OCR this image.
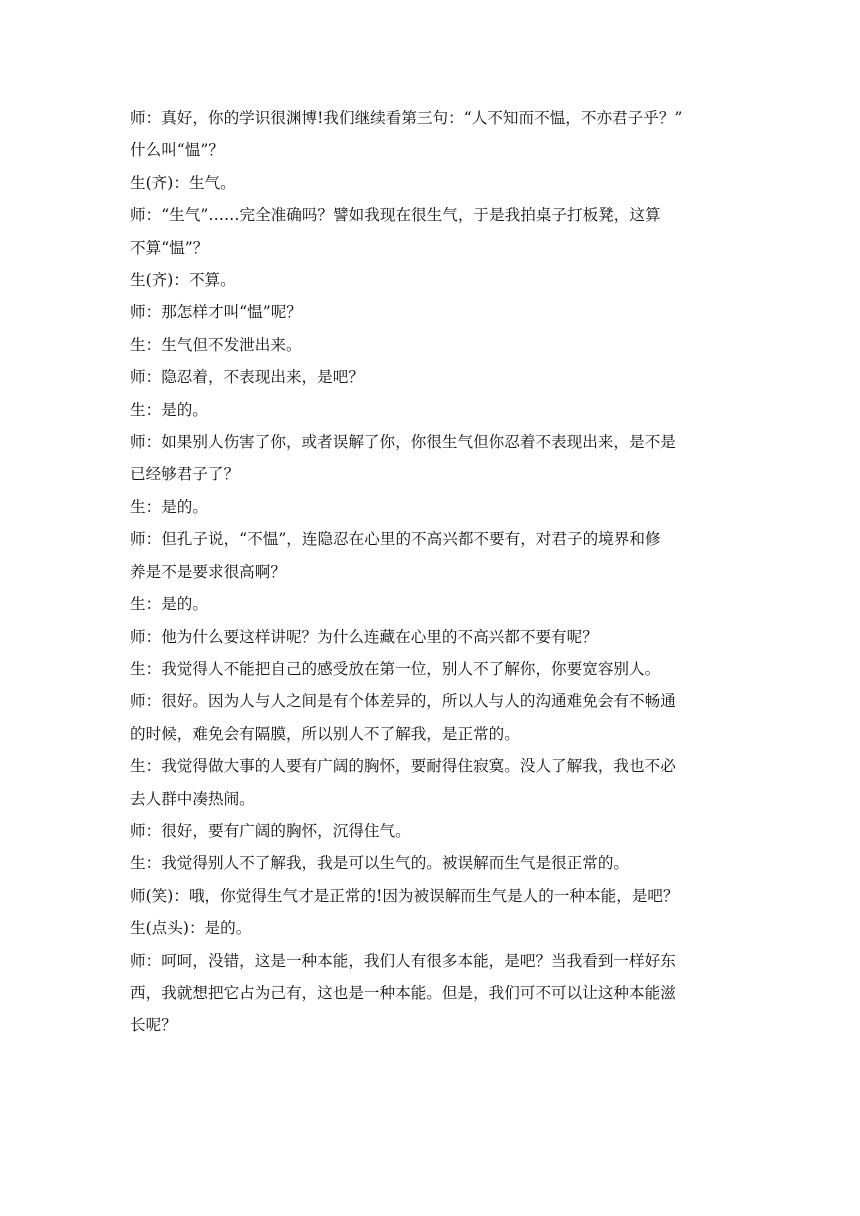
师：真好，你的学识很渊博!我们继续看第三句：“人不知而不愠，不亦君子乎？”
什么叫“愠”？
生(齐)：生气。
师：“生气”……完全准确吗？譬如我现在很生气，于是我拍桌子打板凳，这算
不算“愠”？
生(齐)：不算。
师：那怎样才叫“愠”呢？
生：生气但不发泄出来。
师：隐忍着，不表现出来，是吧？
生：是的。
师：如果别人伤害了你，或者误解了你，你很生气但你忍着不表现出来，是不是
已经够君子了？
生：是的。
师：但孔子说，“不愠”，连隐忍在心里的不高兴都不要有，对君子的境界和修
养是不是要求很高啊？
生：是的。
师：他为什么要这样讲呢？为什么连藏在心里的不高兴都不要有呢？
生：我觉得人不能把自己的感受放在第一位，别人不了解你，你要宽容别人。
师：很好。因为人与人之间是有个体差异的，所以人与人的沟通难免会有不畅通
的时候，难免会有隔膜，所以别人不了解我，是正常的。
生：我觉得做大事的人要有广阔的胸怀，要耐得住寂寞。没人了解我，我也不必
去人群中凑热闹。
师：很好，要有广阔的胸怀，沉得住气。
生：我觉得别人不了解我，我是可以生气的。被误解而生气是很正常的。
师(笑)：哦，你觉得生气才是正常的!因为被误解而生气是人的一种本能，是吧？
生(点头)：是的。
师：呵呵，没错，这是一种本能，我们人有很多本能，是吧？当我看到一样好东
西，我就想把它占为己有，这也是一种本能。但是，我们可不可以让这种本能滋
长呢？
